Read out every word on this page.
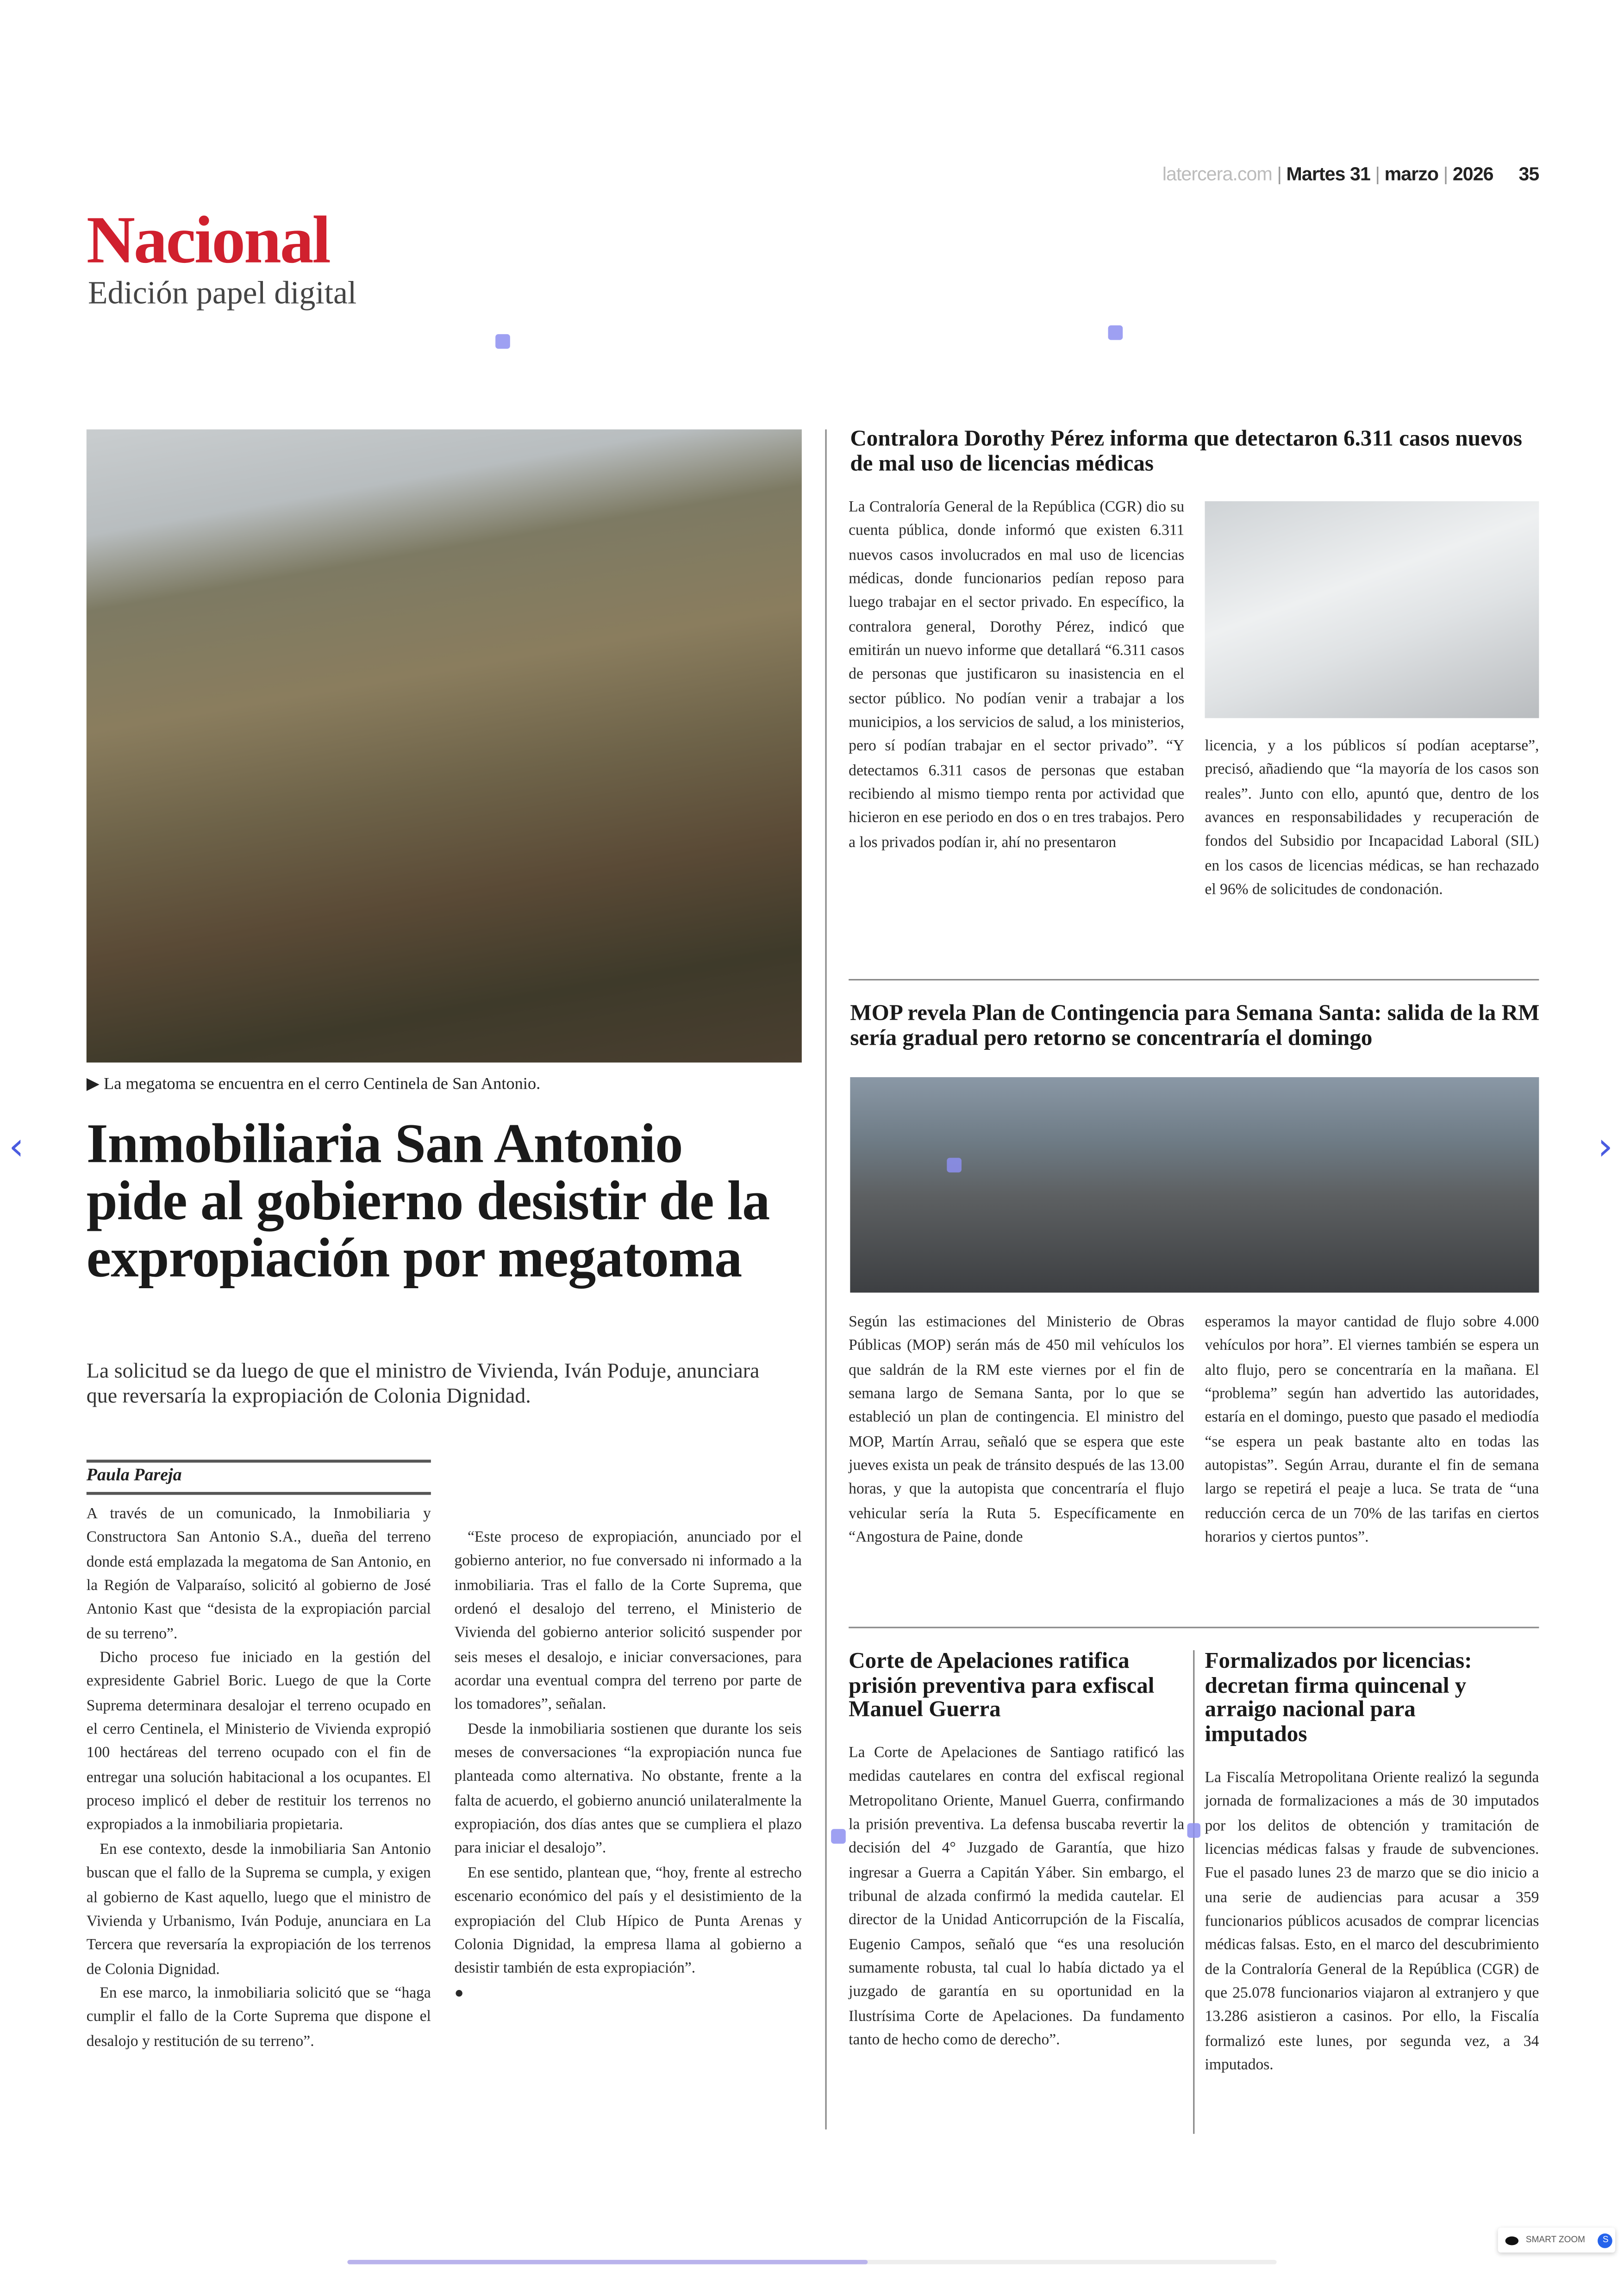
latercera.com | Martes 31 | marzo | 2026	35
Nacional
Edición papel digital
▶ La megatoma se encuentra en el cerro Centinela de San Antonio.
Inmobiliaria San Antonio pide al gobierno desistir de la expropiación por megatoma
La solicitud se da luego de que el ministro de Vivienda, Iván Poduje, anunciara que reversaría la expropiación de Colonia Dignidad.
Paula Pareja

A través de un comunicado, la Inmobiliaria y Constructora San Antonio S.A., dueña del terreno donde está emplazada la megatoma de San Antonio, en la Región de Valparaíso, solicitó al gobierno de José Antonio Kast que “desista de la expropiación parcial de su terreno”.

Dicho proceso fue iniciado en la gestión del expresidente Gabriel Boric. Luego de que la Corte Suprema determinara desalojar el terreno ocupado en el cerro Centinela, el Ministerio de Vivienda expropió 100 hectáreas del terreno ocupado con el fin de entregar una solución habitacional a los ocupantes. El proceso implicó el deber de restituir los terrenos no expropiados a la inmobiliaria propietaria.

En ese contexto, desde la inmobiliaria San Antonio buscan que el fallo de la Suprema se cumpla, y exigen al gobierno de Kast aquello, luego que el ministro de Vivienda y Urbanismo, Iván Poduje, anunciara en La Tercera que reversaría la expropiación de los terrenos de Colonia Dignidad.

En ese marco, la inmobiliaria solicitó que se “haga cumplir el fallo de la Corte Suprema que dispone el desalojo y restitución de su terreno”.

“Este proceso de expropiación, anunciado por el gobierno anterior, no fue conversado ni informado a la inmobiliaria. Tras el fallo de la Corte Suprema, que ordenó el desalojo del terreno, el Ministerio de Vivienda del gobierno anterior solicitó suspender por seis meses el desalojo, e iniciar conversaciones, para acordar una eventual compra del terreno por parte de los tomadores”, señalan.

Desde la inmobiliaria sostienen que durante los seis meses de conversaciones “la expropiación nunca fue planteada como alternativa. No obstante, frente a la falta de acuerdo, el gobierno anunció unilateralmente la expropiación, dos días antes que se cumpliera el plazo para iniciar el desalojo”.

En ese sentido, plantean que, “hoy, frente al estrecho escenario económico del país y el desistimiento de la expropiación del Club Hípico de Punta Arenas y Colonia Dignidad, la empresa llama al gobierno a desistir también de esta expropiación”.

●
Contralora Dorothy Pérez informa que detectaron 6.311 casos nuevos de mal uso de licencias médicas

La Contraloría General de la República (CGR) dio su cuenta pública, donde informó que existen 6.311 nuevos casos involucrados en mal uso de licencias médicas, donde funcionarios pedían reposo para luego trabajar en el sector privado. En específico, la contralora general, Dorothy Pérez, indicó que emitirán un nuevo informe que detallará “6.311 casos de personas que justificaron su inasistencia en el sector público. No podían venir a trabajar a los municipios, a los servicios de salud, a los ministerios, pero sí podían trabajar en el sector privado”. “Y detectamos 6.311 casos de personas que estaban recibiendo al mismo tiempo renta por actividad que hicieron en ese periodo en dos o en tres trabajos. Pero a los privados podían ir, ahí no presentaron

licencia, y a los públicos sí podían aceptarse”, precisó, añadiendo que “la mayoría de los casos son reales”. Junto con ello, apuntó que, dentro de los avances en responsabilidades y recuperación de fondos del Subsidio por Incapacidad Laboral (SIL) en los casos de licencias médicas, se han rechazado el 96% de solicitudes de condonación.

MOP revela Plan de Contingencia para Semana Santa: salida de la RM sería gradual pero retorno se concentraría el domingo

Según las estimaciones del Ministerio de Obras Públicas (MOP) serán más de 450 mil vehículos los que saldrán de la RM este viernes por el fin de semana largo de Semana Santa, por lo que se estableció un plan de contingencia. El ministro del MOP, Martín Arrau, señaló que se espera que este jueves exista un peak de tránsito después de las 13.00 horas, y que la autopista que concentraría el flujo vehicular sería la Ruta 5. Específicamente en “Angostura de Paine, donde

esperamos la mayor cantidad de flujo sobre 4.000 vehículos por hora”. El viernes también se espera un alto flujo, pero se concentraría en la mañana. El “problema” según han advertido las autoridades, estaría en el domingo, puesto que pasado el mediodía “se espera un peak bastante alto en todas las autopistas”. Según Arrau, durante el fin de semana largo se repetirá el peaje a luca. Se trata de “una reducción cerca de un 70% de las tarifas en ciertos horarios y ciertos puntos”.

Corte de Apelaciones ratifica prisión preventiva para exfiscal Manuel Guerra

La Corte de Apelaciones de Santiago ratificó las medidas cautelares en contra del exfiscal regional Metropolitano Oriente, Manuel Guerra, confirmando la prisión preventiva. La defensa buscaba revertir la decisión del 4° Juzgado de Garantía, que hizo ingresar a Guerra a Capitán Yáber. Sin embargo, el tribunal de alzada confirmó la medida cautelar. El director de la Unidad Anticorrupción de la Fiscalía, Eugenio Campos, señaló que “es una resolución sumamente robusta, tal cual lo había dictado ya el juzgado de garantía en su oportunidad en la Ilustrísima Corte de Apelaciones. Da fundamento tanto de hecho como de derecho”.

Formalizados por licencias: decretan firma quincenal y arraigo nacional para imputados

La Fiscalía Metropolitana Oriente realizó la segunda jornada de formalizaciones a más de 30 imputados por los delitos de obtención y tramitación de licencias médicas falsas y fraude de subvenciones. Fue el pasado lunes 23 de marzo que se dio inicio a una serie de audiencias para acusar a 359 funcionarios públicos acusados de comprar licencias médicas falsas. Esto, en el marco del descubrimiento de la Contraloría General de la República (CGR) de que 25.078 funcionarios viajaron al extranjero y que 13.286 asistieron a casinos. Por ello, la Fiscalía formalizó este lunes, por segunda vez, a 34 imputados.

‹	›
SMART ZOOM	S
